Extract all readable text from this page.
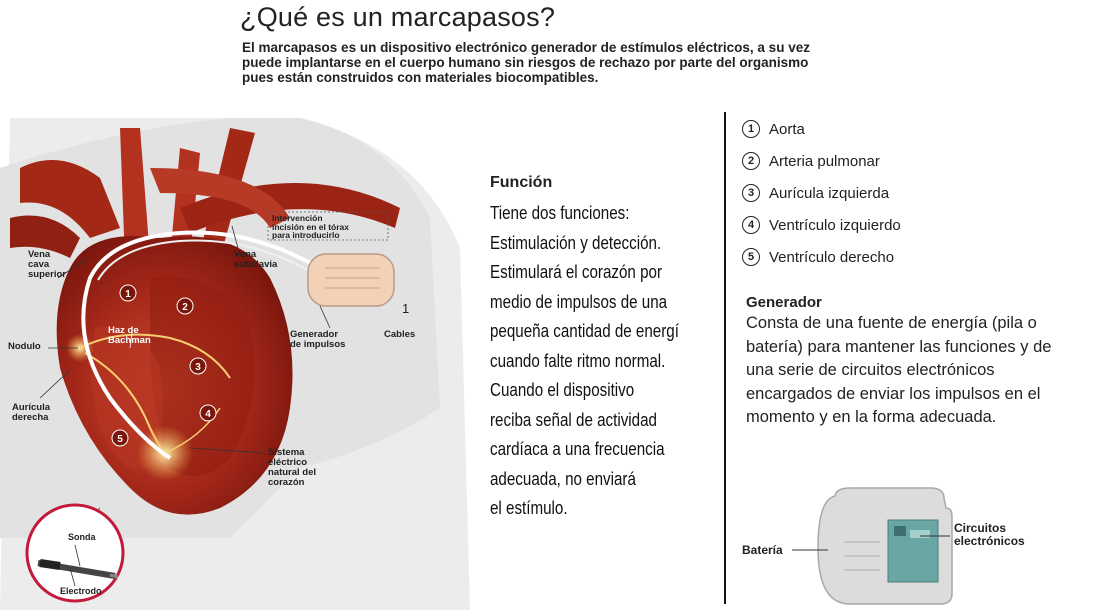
¿Qué es un marcapasos?
El marcapasos es un dispositivo electrónico generador de estímulos eléctricos, a su vez puede implantarse en el cuerpo humano sin riesgos de rechazo por parte del organismo pues están construidos con materiales biocompatibles.
1
2
3
4
5
Vena
cava
superior
Intervención
incisión en el tórax
para introducirlo
Vena
subclavia
Haz de
Bachman
Nodulo
Aurícula
derecha
Generador
de impulsos
1
Cables
Sistema
eléctrico
natural del
corazón
Sonda
Electrodo
Función
Tiene dos funciones:
Estimulación y detección.
Estimulará el corazón por
medio de impulsos de una
pequeña cantidad de energí
cuando falte ritmo normal.
Cuando el dispositivo
reciba señal de actividad
cardíaca a una frecuencia
adecuada, no enviará
el estímulo.
1 Aorta
2 Arteria pulmonar
3 Aurícula izquierda
4 Ventrículo izquierdo
5 Ventrículo derecho
Generador
Consta de una fuente de energía (pila o batería) para mantener las funciones y de una serie de circuitos electrónicos encargados de enviar los impulsos en el momento y en la forma adecuada.
Batería
Circuitos
electrónicos
